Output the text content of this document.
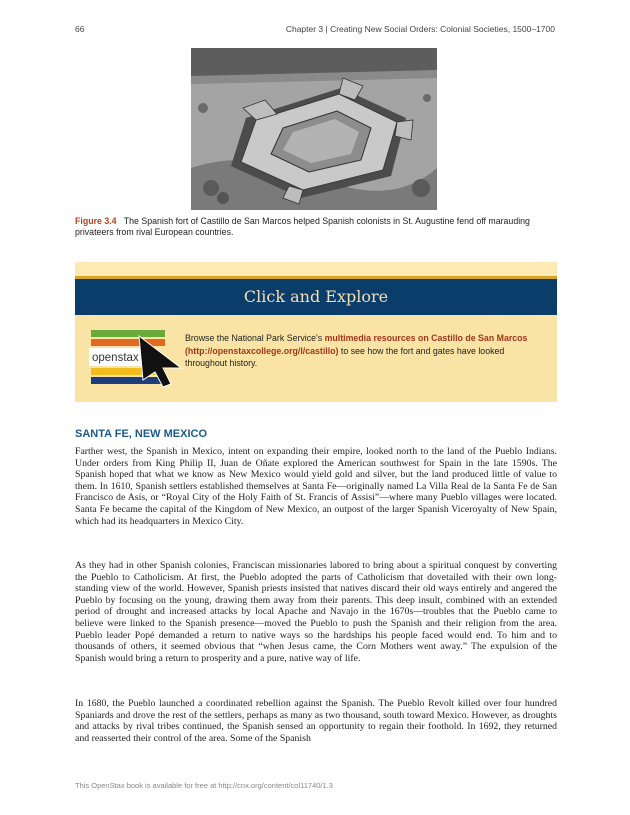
66	Chapter 3 | Creating New Social Orders: Colonial Societies, 1500–1700
Figure 3.4 The Spanish fort of Castillo de San Marcos helped Spanish colonists in St. Augustine fend off marauding privateers from rival European countries.
Click and Explore
openstax
Browse the National Park Service's multimedia resources on Castillo de San Marcos (http://openstaxcollege.org/l/castillo) to see how the fort and gates have looked throughout history.
SANTA FE, NEW MEXICO

Farther west, the Spanish in Mexico, intent on expanding their empire, looked north to the land of the Pueblo Indians. Under orders from King Philip II, Juan de Oñate explored the American southwest for Spain in the late 1590s. The Spanish hoped that what we know as New Mexico would yield gold and silver, but the land produced little of value to them. In 1610, Spanish settlers established themselves at Santa Fe—originally named La Villa Real de la Santa Fe de San Francisco de Asís, or “Royal City of the Holy Faith of St. Francis of Assisi”—where many Pueblo villages were located. Santa Fe became the capital of the Kingdom of New Mexico, an outpost of the larger Spanish Viceroyalty of New Spain, which had its headquarters in Mexico City.

As they had in other Spanish colonies, Franciscan missionaries labored to bring about a spiritual conquest by converting the Pueblo to Catholicism. At first, the Pueblo adopted the parts of Catholicism that dovetailed with their own long-standing view of the world. However, Spanish priests insisted that natives discard their old ways entirely and angered the Pueblo by focusing on the young, drawing them away from their parents. This deep insult, combined with an extended period of drought and increased attacks by local Apache and Navajo in the 1670s—troubles that the Pueblo came to believe were linked to the Spanish presence—moved the Pueblo to push the Spanish and their religion from the area. Pueblo leader Popé demanded a return to native ways so the hardships his people faced would end. To him and to thousands of others, it seemed obvious that “when Jesus came, the Corn Mothers went away.” The expulsion of the Spanish would bring a return to prosperity and a pure, native way of life.

In 1680, the Pueblo launched a coordinated rebellion against the Spanish. The Pueblo Revolt killed over four hundred Spaniards and drove the rest of the settlers, perhaps as many as two thousand, south toward Mexico. However, as droughts and attacks by rival tribes continued, the Spanish sensed an opportunity to regain their foothold. In 1692, they returned and reasserted their control of the area. Some of the Spanish

This OpenStax book is available for free at http://cnx.org/content/col11740/1.3
